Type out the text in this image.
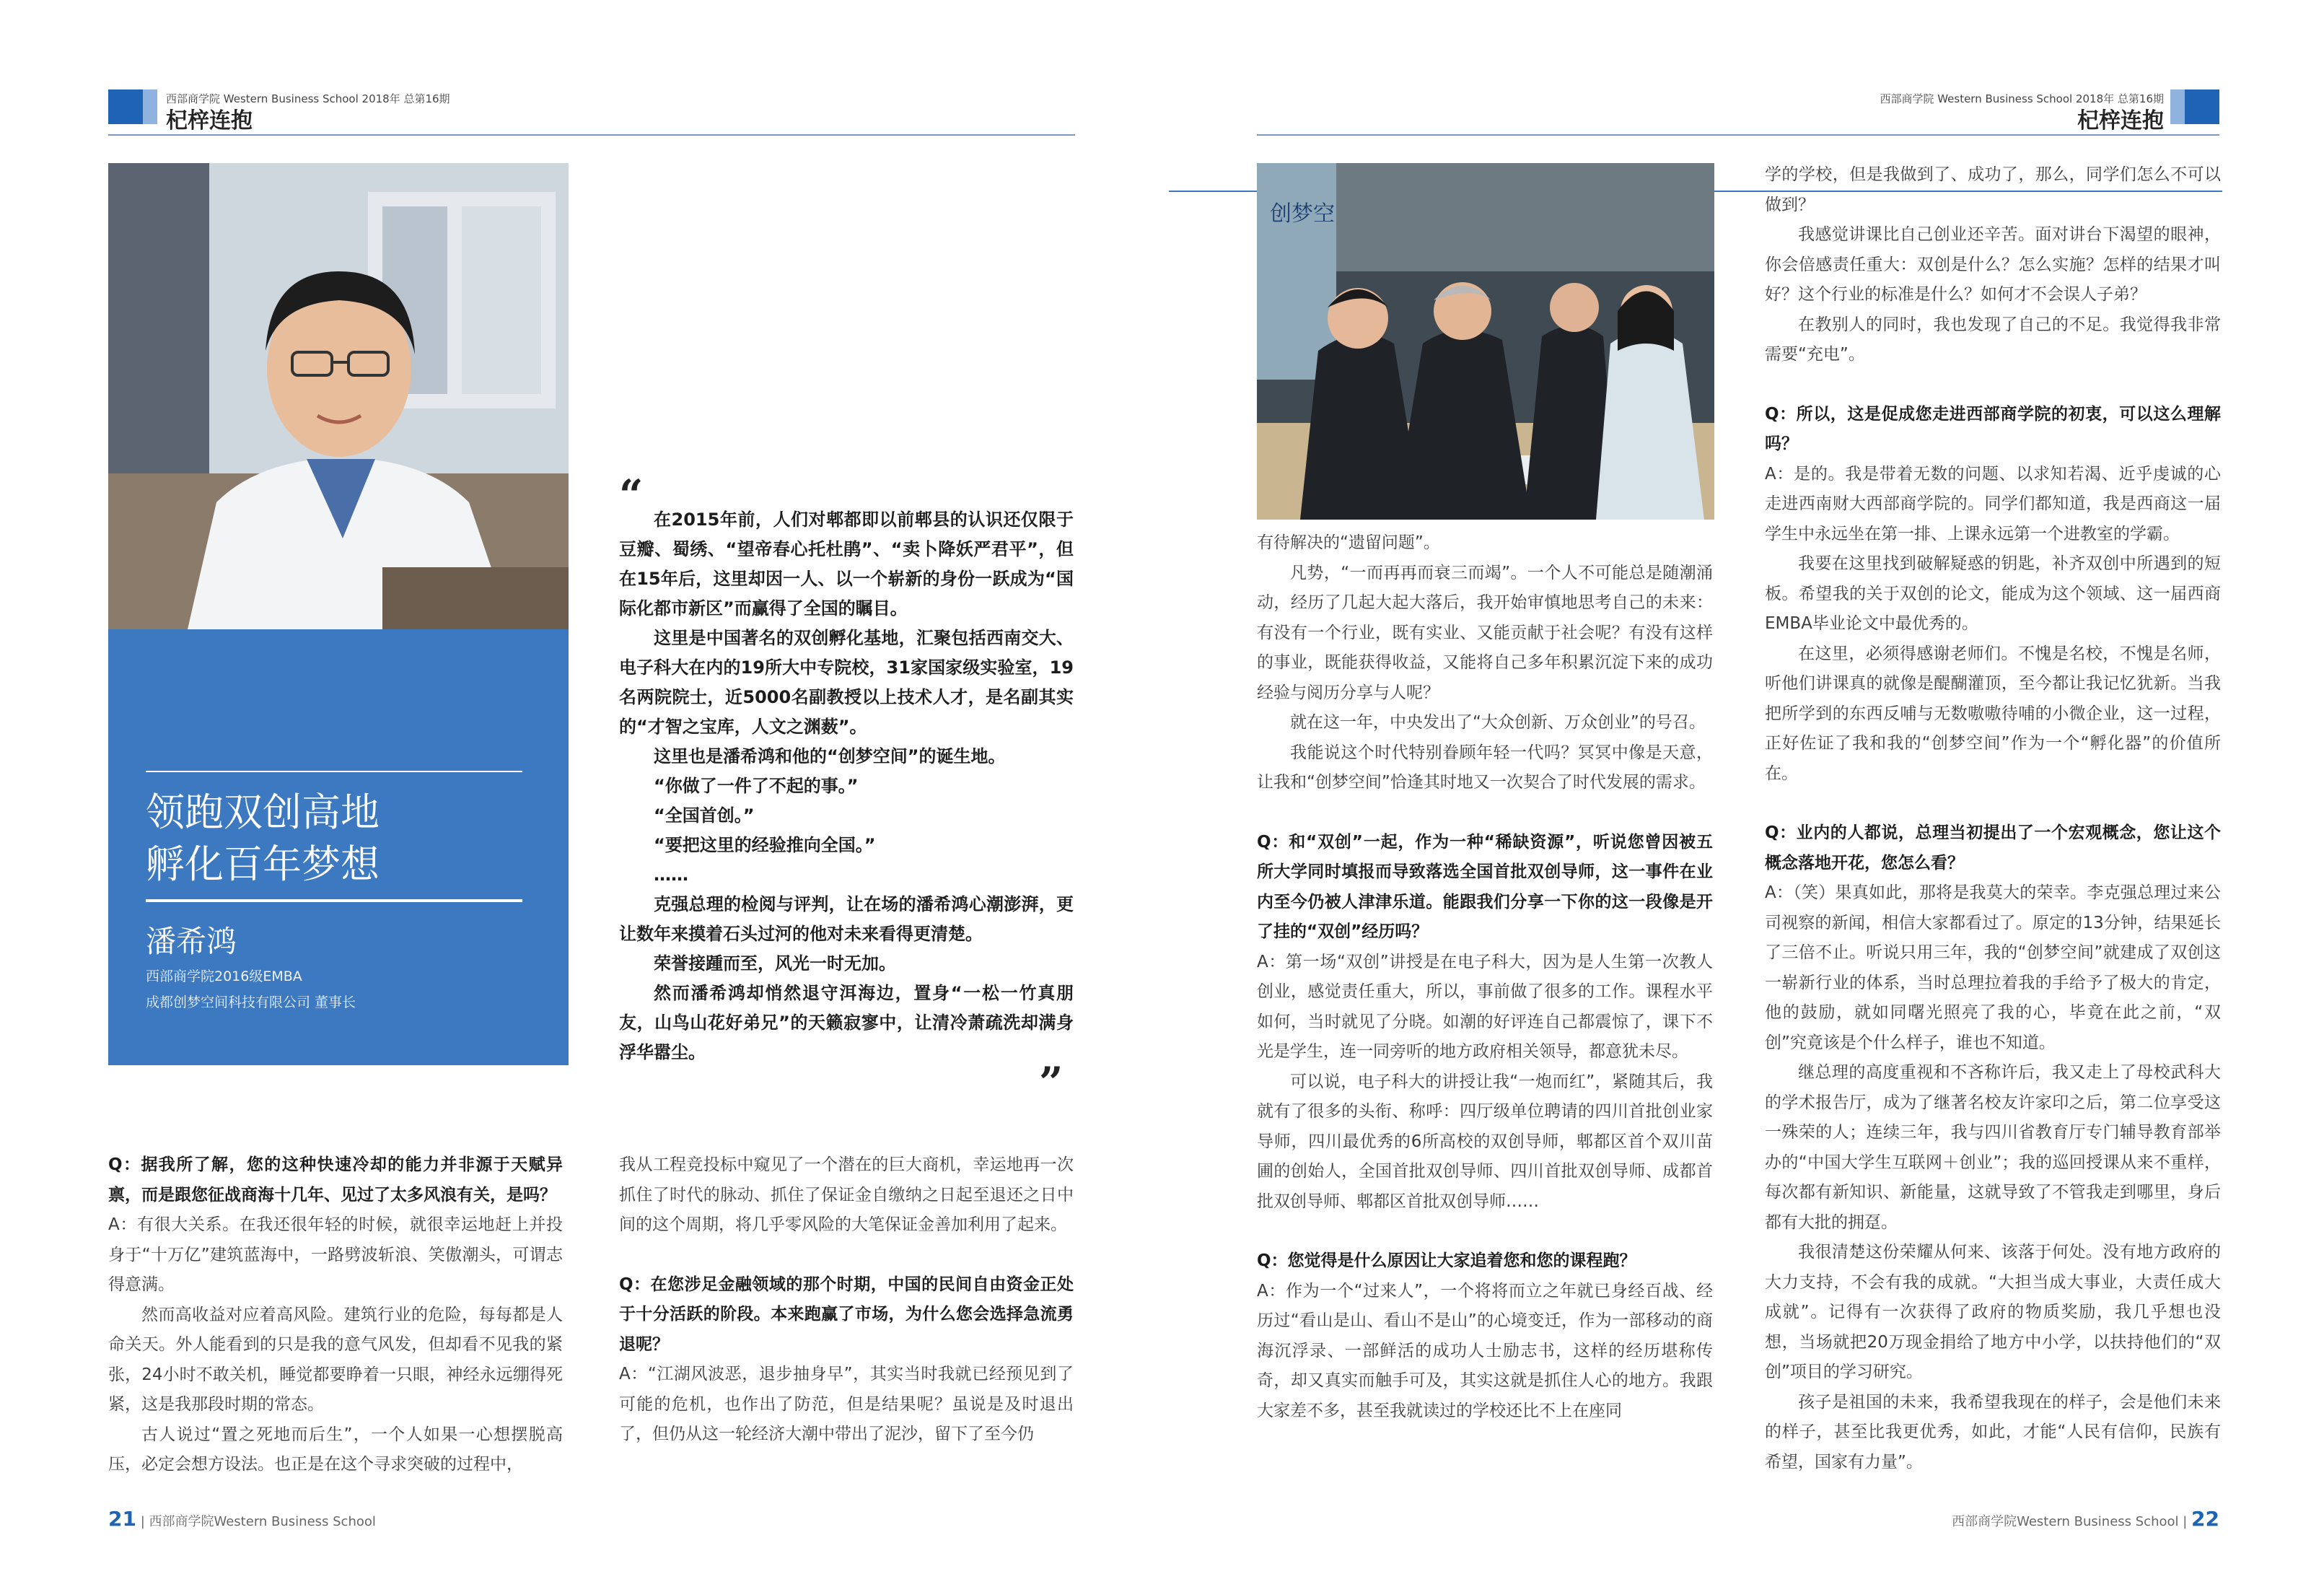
西部商学院 Western Business School 2018年 总第16期
杞梓连抱
西部商学院 Western Business School 2018年 总第16期
杞梓连抱
领跑双创高地
孵化百年梦想
潘希鸿
西部商学院2016级EMBA
成都创梦空间科技有限公司 董事长
“ 在2015年前，人们对郫都即以前郫县的认识还仅限于豆瓣、蜀绣、“望帝春心托杜鹃”、“卖卜降妖严君平”，但在15年后，这里却因一人、以一个崭新的身份一跃成为“国际化都市新区”而赢得了全国的瞩目。

这里是中国著名的双创孵化基地，汇聚包括西南交大、电子科大在内的19所大中专院校，31家国家级实验室，19名两院院士，近5000名副教授以上技术人才，是名副其实的“才智之宝库，人文之渊薮”。

这里也是潘希鸿和他的“创梦空间”的诞生地。

“你做了一件了不起的事。”

“全国首创。”

“要把这里的经验推向全国。”

……

克强总理的检阅与评判，让在场的潘希鸿心潮澎湃，更让数年来摸着石头过河的他对未来看得更清楚。

荣誉接踵而至，风光一时无加。

然而潘希鸿却悄然退守洱海边，置身“一松一竹真朋友，山鸟山花好弟兄”的天籁寂寥中，让清冷萧疏洗却满身浮华嚣尘。

”
创梦空

Q：据我所了解，您的这种快速冷却的能力并非源于天赋异禀，而是跟您征战商海十几年、见过了太多风浪有关，是吗？

A：有很大关系。在我还很年轻的时候，就很幸运地赶上并投身于“十万亿”建筑蓝海中，一路劈波斩浪、笑傲潮头，可谓志得意满。

然而高收益对应着高风险。建筑行业的危险，每每都是人命关天。外人能看到的只是我的意气风发，但却看不见我的紧张，24小时不敢关机，睡觉都要睁着一只眼，神经永远绷得死紧，这是我那段时期的常态。

古人说过“置之死地而后生”，一个人如果一心想摆脱高压，必定会想方设法。也正是在这个寻求突破的过程中，

我从工程竞投标中窥见了一个潜在的巨大商机，幸运地再一次抓住了时代的脉动、抓住了保证金自缴纳之日起至退还之日中间的这个周期，将几乎零风险的大笔保证金善加利用了起来。

Q：在您涉足金融领域的那个时期，中国的民间自由资金正处于十分活跃的阶段。本来跑赢了市场，为什么您会选择急流勇退呢？

A：“江湖风波恶，退步抽身早”，其实当时我就已经预见到了可能的危机，也作出了防范，但是结果呢？虽说是及时退出了，但仍从这一轮经济大潮中带出了泥沙，留下了至今仍

有待解决的“遗留问题”。

凡势，“一而再再而衰三而竭”。一个人不可能总是随潮涌动，经历了几起大起大落后，我开始审慎地思考自己的未来：有没有一个行业，既有实业、又能贡献于社会呢？有没有这样的事业，既能获得收益，又能将自己多年积累沉淀下来的成功经验与阅历分享与人呢？

就在这一年，中央发出了“大众创新、万众创业”的号召。

我能说这个时代特别眷顾年轻一代吗？冥冥中像是天意，让我和“创梦空间”恰逢其时地又一次契合了时代发展的需求。

Q：和“双创”一起，作为一种“稀缺资源”，听说您曾因被五所大学同时填报而导致落选全国首批双创导师，这一事件在业内至今仍被人津津乐道。能跟我们分享一下你的这一段像是开了挂的“双创”经历吗？

A：第一场“双创”讲授是在电子科大，因为是人生第一次教人创业，感觉责任重大，所以，事前做了很多的工作。课程水平如何，当时就见了分晓。如潮的好评连自己都震惊了，课下不光是学生，连一同旁听的地方政府相关领导，都意犹未尽。

可以说，电子科大的讲授让我“一炮而红”，紧随其后，我就有了很多的头衔、称呼：四厅级单位聘请的四川首批创业家导师，四川最优秀的6所高校的双创导师，郫都区首个双川苗圃的创始人，全国首批双创导师、四川首批双创导师、成都首批双创导师、郫都区首批双创导师……

Q：您觉得是什么原因让大家追着您和您的课程跑？

A：作为一个“过来人”，一个将将而立之年就已身经百战、经历过“看山是山、看山不是山”的心境变迁，作为一部移动的商海沉浮录、一部鲜活的成功人士励志书，这样的经历堪称传奇，却又真实而触手可及，其实这就是抓住人心的地方。我跟大家差不多，甚至我就读过的学校还比不上在座同

学的学校，但是我做到了、成功了，那么，同学们怎么不可以做到？

我感觉讲课比自己创业还辛苦。面对讲台下渴望的眼神，你会倍感责任重大：双创是什么？怎么实施？怎样的结果才叫好？这个行业的标准是什么？如何才不会误人子弟？

在教别人的同时，我也发现了自己的不足。我觉得我非常需要“充电”。

Q：所以，这是促成您走进西部商学院的初衷，可以这么理解吗？

A：是的。我是带着无数的问题、以求知若渴、近乎虔诚的心走进西南财大西部商学院的。同学们都知道，我是西商这一届学生中永远坐在第一排、上课永远第一个进教室的学霸。

我要在这里找到破解疑惑的钥匙，补齐双创中所遇到的短板。希望我的关于双创的论文，能成为这个领域、这一届西商EMBA毕业论文中最优秀的。

在这里，必须得感谢老师们。不愧是名校，不愧是名师，听他们讲课真的就像是醍醐灌顶，至今都让我记忆犹新。当我把所学到的东西反哺与无数嗷嗷待哺的小微企业，这一过程，正好佐证了我和我的“创梦空间”作为一个“孵化器”的价值所在。

Q：业内的人都说，总理当初提出了一个宏观概念，您让这个概念落地开花，您怎么看？

A：（笑）果真如此，那将是我莫大的荣幸。李克强总理过来公司视察的新闻，相信大家都看过了。原定的13分钟，结果延长了三倍不止。听说只用三年，我的“创梦空间”就建成了双创这一崭新行业的体系，当时总理拉着我的手给予了极大的肯定，他的鼓励，就如同曙光照亮了我的心，毕竟在此之前，“双创”究竟该是个什么样子，谁也不知道。

继总理的高度重视和不吝称许后，我又走上了母校武科大的学术报告厅，成为了继著名校友许家印之后，第二位享受这一殊荣的人；连续三年，我与四川省教育厅专门辅导教育部举办的“中国大学生互联网＋创业”；我的巡回授课从来不重样，每次都有新知识、新能量，这就导致了不管我走到哪里，身后都有大批的拥趸。

我很清楚这份荣耀从何来、该落于何处。没有地方政府的大力支持，不会有我的成就。“大担当成大事业，大责任成大成就”。记得有一次获得了政府的物质奖励，我几乎想也没想，当场就把20万现金捐给了地方中小学，以扶持他们的“双创”项目的学习研究。

孩子是祖国的未来，我希望我现在的样子，会是他们未来的样子，甚至比我更优秀，如此，才能“人民有信仰，民族有希望，国家有力量”。

21 | 西部商学院Western Business School	西部商学院Western Business School | 22
